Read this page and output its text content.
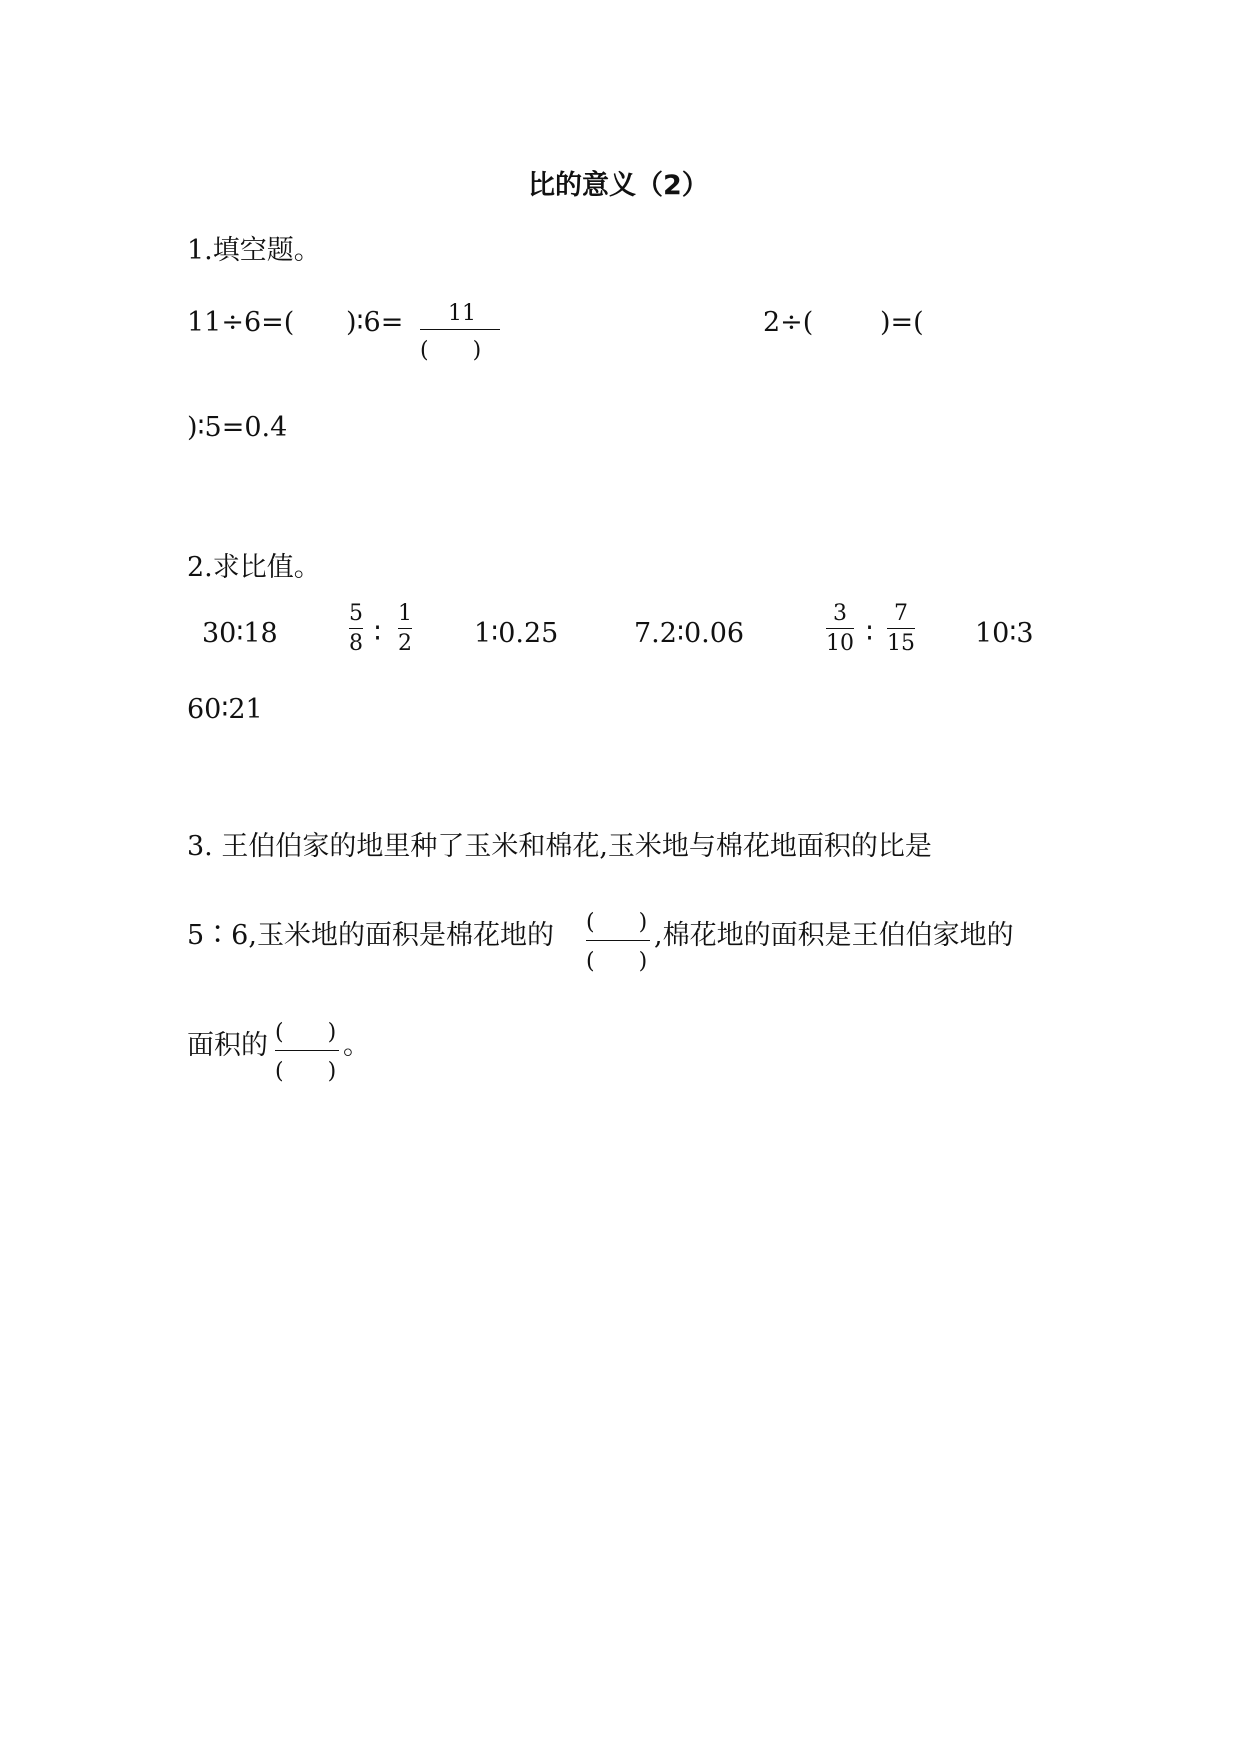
比的意义（2）
1.填空题。
11÷6=( )∶6= 11
(　　)
2÷( )=(
)∶5=0.4
2.求比值。
30∶18	$\frac{5}{8}$ ∶ $\frac{1}{2}$ 1∶0.25	7.2∶0.06	$\frac{3}{10}$ ∶ $\frac{7}{15}$ 10∶3
60∶21
3. 王伯伯家的地里种了玉米和棉花,玉米地与棉花地面积的比是
5∶6,玉米地的面积是棉花地的 (　　)
(　　)
,棉花地的面积是王伯伯家地的
面积的 (　　)
(　　)
。
